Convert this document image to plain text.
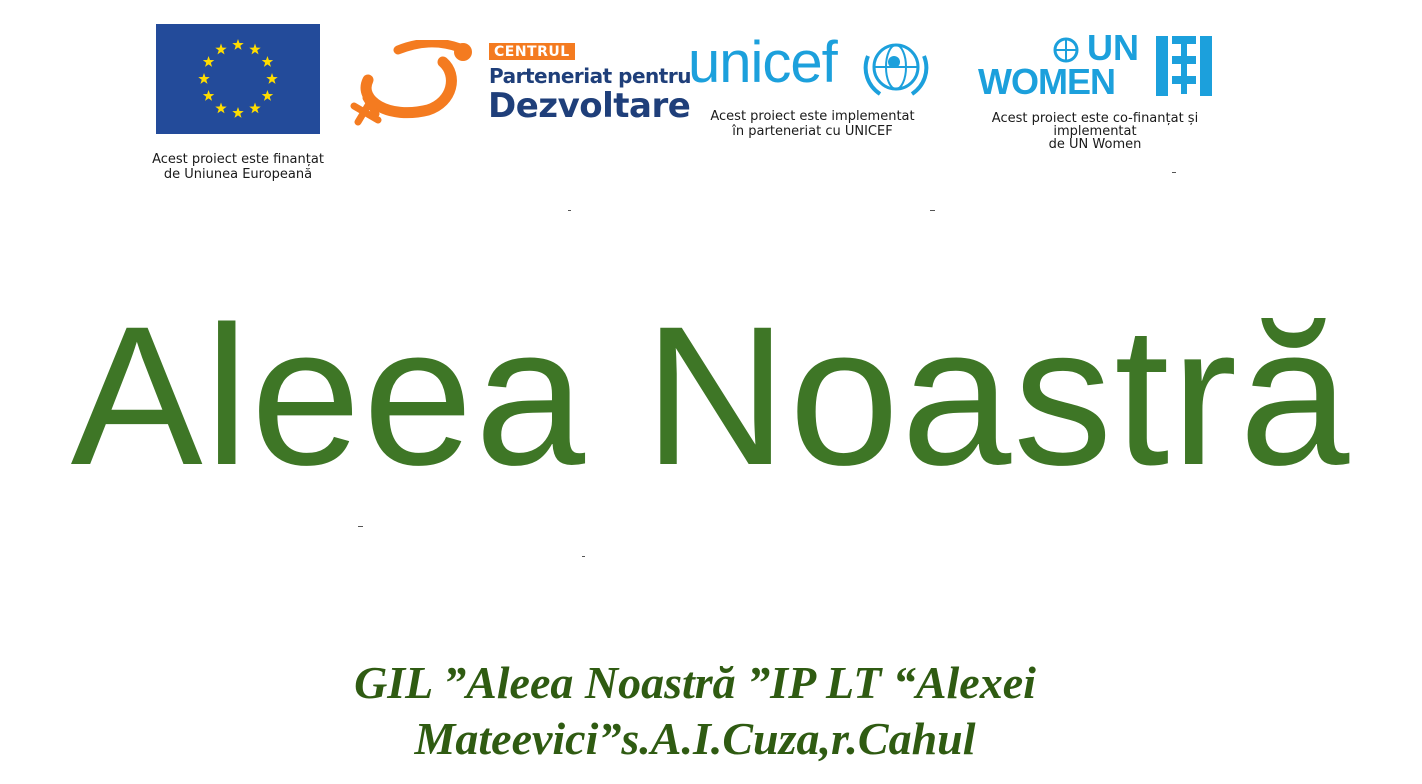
Acest proiect este finanțat
de Uniunea Europeană
CENTRUL
Parteneriat pentru
Dezvoltare
unicef
Acest proiect este implementat
în parteneriat cu UNICEF
UN
WOMEN
Acest proiect este co-finanțat și implementat
de UN Women
Aleea Noastră
GIL ”Aleea Noastră ”IP LT “Alexei
Mateevici”s.A.I.Cuza,r.Cahul
